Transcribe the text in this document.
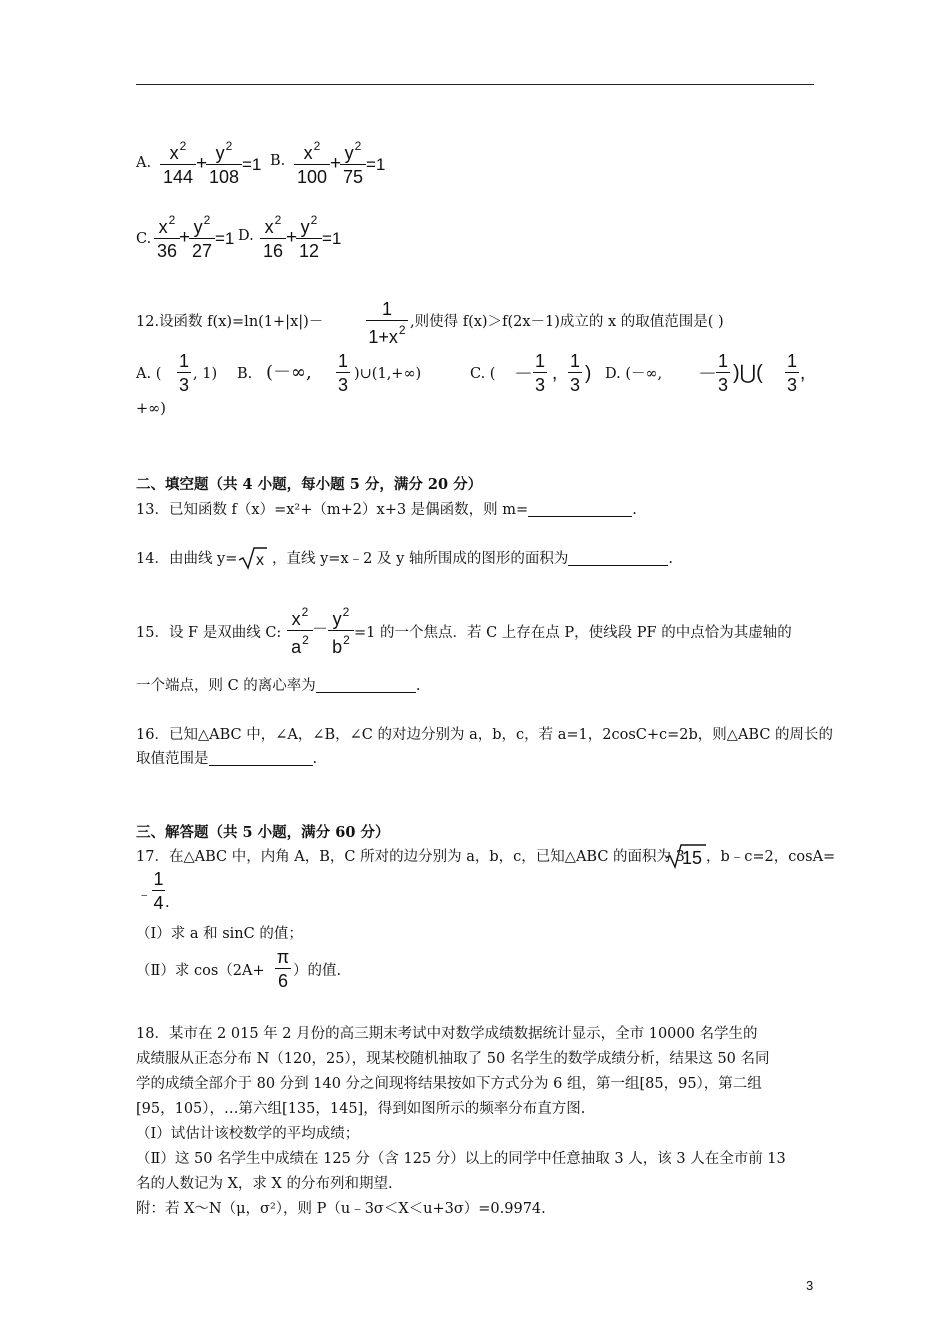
A.	$x^2$
144
+ $y^2$
108
=1 B.	$x^2$
100
+ $y^2$
75
=1
C.
$x^2$
36
+ $y^2$
27
=1 D. $x^2$
16
+ $y^2$
12
=1
12.设函数 f(x)=ln(1+|x|)－
1
$1+x^2$ ,则使得 f(x)＞f(2x－1)成立的 x 的取值范围是( )
A. (
1
3
, 1) B. (－∞,
1
3
)∪(1,+∞)	C. ( －
1
3
,
1
3
) D. (－∞, －
1
3
)⋃(
1
3
,
+∞)
二、填空题（共 4 小题，每小题 5 分，满分 20 分）
13．已知函数 f（x）=x²+（m+2）x+3 是偶函数，则 m=	.
14．由曲线 y= x ，直线 y=x﹣2 及 y 轴所围成的图形的面积为	.
15．设 F 是双曲线 C:
$x^2$
$a^2$
－
$y^2$
$b^2 =1$ 的一个焦点．若 C 上存在点 P，使线段 PF 的中点恰为其虚轴的
一个端点，则 C 的离心率为	.
16．已知△ABC 中，∠A，∠B，∠C 的对边分别为 a，b，c，若 a=1，2cosC+c=2b，则△ABC 的周长的
取值范围是	.
三、解答题（共 5 小题，满分 60 分）
17．在△ABC 中，内角 A，B，C 所对的边分别为 a，b，c，已知△ABC 的面积为 3
15 ，b﹣c=2，cosA=
﹣
1
4 .
（Ⅰ）求 a 和 sinC 的值；
（Ⅱ）求 cos（2A+
π
6 ）的值.
18．某市在 2 015 年 2 月份的高三期末考试中对数学成绩数据统计显示，全市 10000 名学生的
成绩服从正态分布 N（120，25），现某校随机抽取了 50 名学生的数学成绩分析，结果这 50 名同
学的成绩全部介于 80 分到 140 分之间现将结果按如下方式分为 6 组，第一组[85，95），第二组
[95，105），…第六组[135，145]，得到如图所示的频率分布直方图.
（I）试估计该校数学的平均成绩；
（Ⅱ）这 50 名学生中成绩在 125 分（含 125 分）以上的同学中任意抽取 3 人，该 3 人在全市前 13
名的人数记为 X，求 X 的分布列和期望.
附：若 X～N（μ，σ²），则 P（u﹣3σ＜X＜u+3σ）=0.9974.
3
